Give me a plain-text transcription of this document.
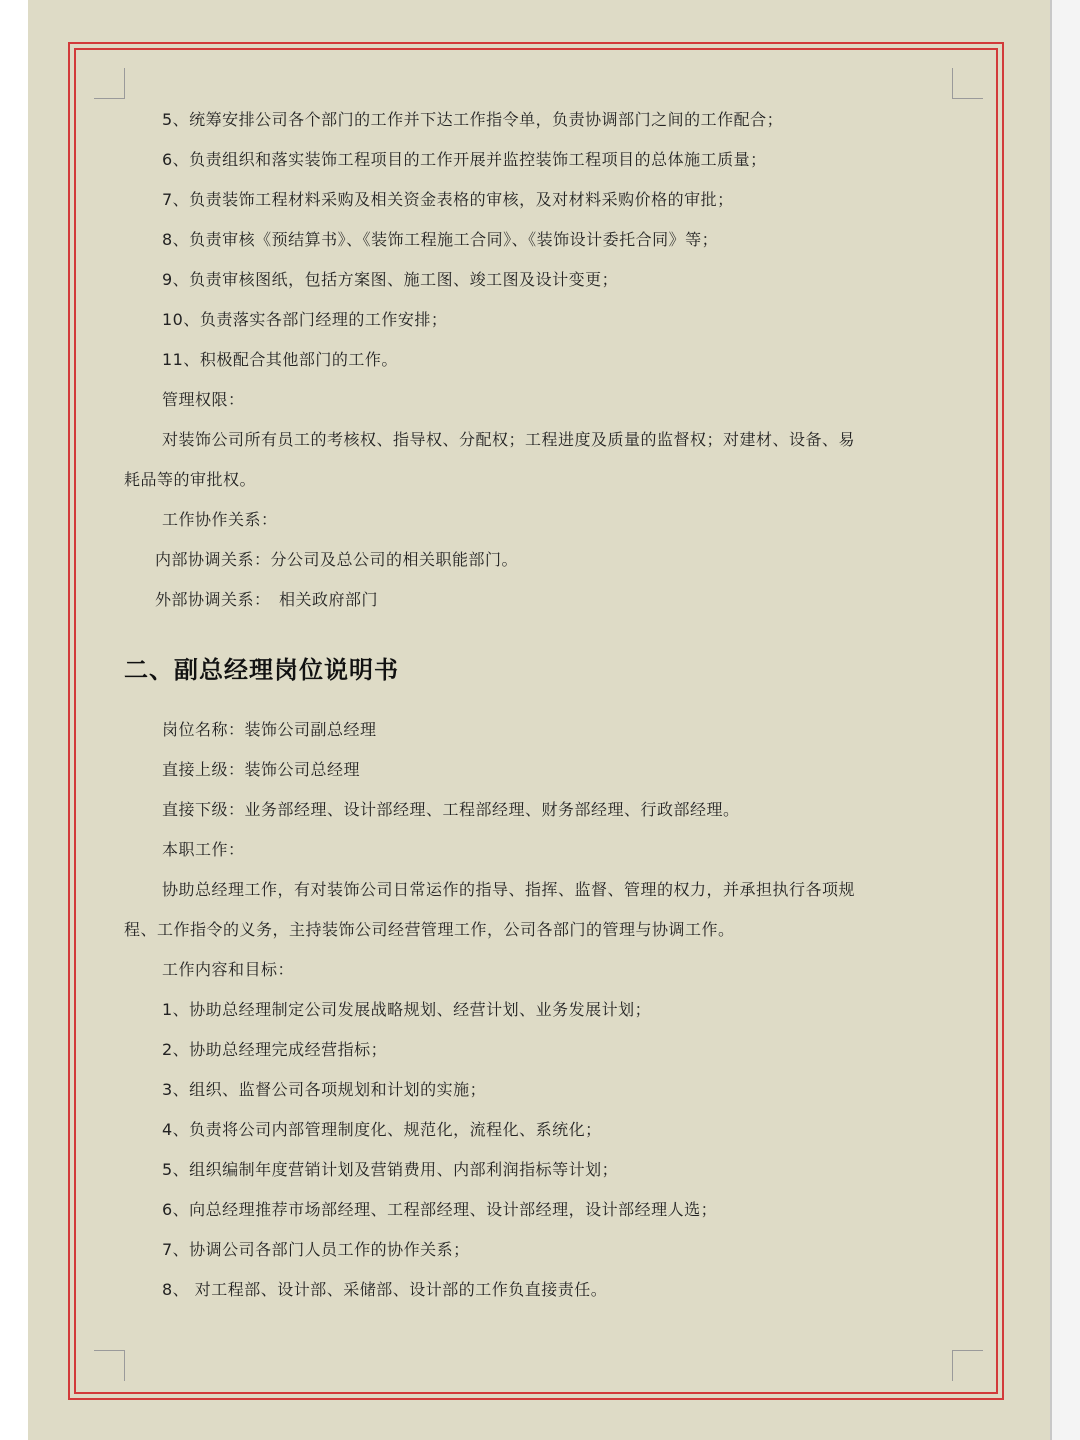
5、统筹安排公司各个部门的工作并下达工作指令单，负责协调部门之间的工作配合；
6、负责组织和落实装饰工程项目的工作开展并监控装饰工程项目的总体施工质量；
7、负责装饰工程材料采购及相关资金表格的审核，及对材料采购价格的审批；
8、负责审核《预结算书》、《装饰工程施工合同》、《装饰设计委托合同》等；
9、负责审核图纸，包括方案图、施工图、竣工图及设计变更；
10、负责落实各部门经理的工作安排；
11、积极配合其他部门的工作。
管理权限：
对装饰公司所有员工的考核权、指导权、分配权；工程进度及质量的监督权；对建材、设备、易
耗品等的审批权。
工作协作关系：
内部协调关系：分公司及总公司的相关职能部门。
外部协调关系：　相关政府部门
二、副总经理岗位说明书
岗位名称：装饰公司副总经理
直接上级：装饰公司总经理
直接下级：业务部经理、设计部经理、工程部经理、财务部经理、行政部经理。
本职工作：
协助总经理工作，有对装饰公司日常运作的指导、指挥、监督、管理的权力，并承担执行各项规
程、工作指令的义务，主持装饰公司经营管理工作，公司各部门的管理与协调工作。
工作内容和目标：
1、协助总经理制定公司发展战略规划、经营计划、业务发展计划；
2、协助总经理完成经营指标；
3、组织、监督公司各项规划和计划的实施；
4、负责将公司内部管理制度化、规范化，流程化、系统化；
5、组织编制年度营销计划及营销费用、内部利润指标等计划；
6、向总经理推荐市场部经理、工程部经理、设计部经理，设计部经理人选；
7、协调公司各部门人员工作的协作关系；
8、 对工程部、设计部、采储部、设计部的工作负直接责任。
